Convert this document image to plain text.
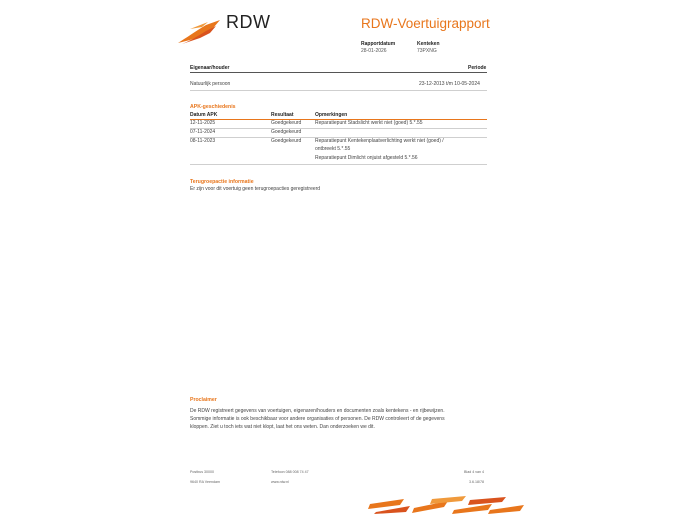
RDW	RDW-Voertuigrapport
Rapportdatum
28-01-2026
Kenteken
73PXNG
Eigenaar/houder	Periode
Natuurlijk persoon	23-12-2013 t/m 10-05-2024
APK-geschiedenis
Datum APK	Resultaat	Opmerkingen
12-11-2025	Goedgekeurd	Reparatiepunt Stadslicht werkt niet (goed) 5.*.55
07-11-2024	Goedgekeurd
08-11-2023	Goedgekeurd	Reparatiepunt Kentekenplaatverlichting werkt niet (goed) /
ontbreekt 5.*.55
Reparatiepunt Dimlicht onjuist afgesteld 5.*.56
Terugroepactie informatie
Er zijn voor dit voertuig geen terugroepacties geregistreerd
Proclaimer
De RDW registreert gegevens van voertuigen, eigenaren/houders en documenten zoals kentekens - en rijbewijzen.
Sommige informatie is ook beschikbaar voor andere organisaties of personen. De RDW controleert of de gegevens
kloppen. Ziet u toch iets wat niet klopt, laat het ons weten. Dan onderzoeken we dit.
Postbus 30000
9640 RA Veendam
Telefoon 088 008 74 47
www.rdw.nl
Blad 4 van 4
3.6.18/78
